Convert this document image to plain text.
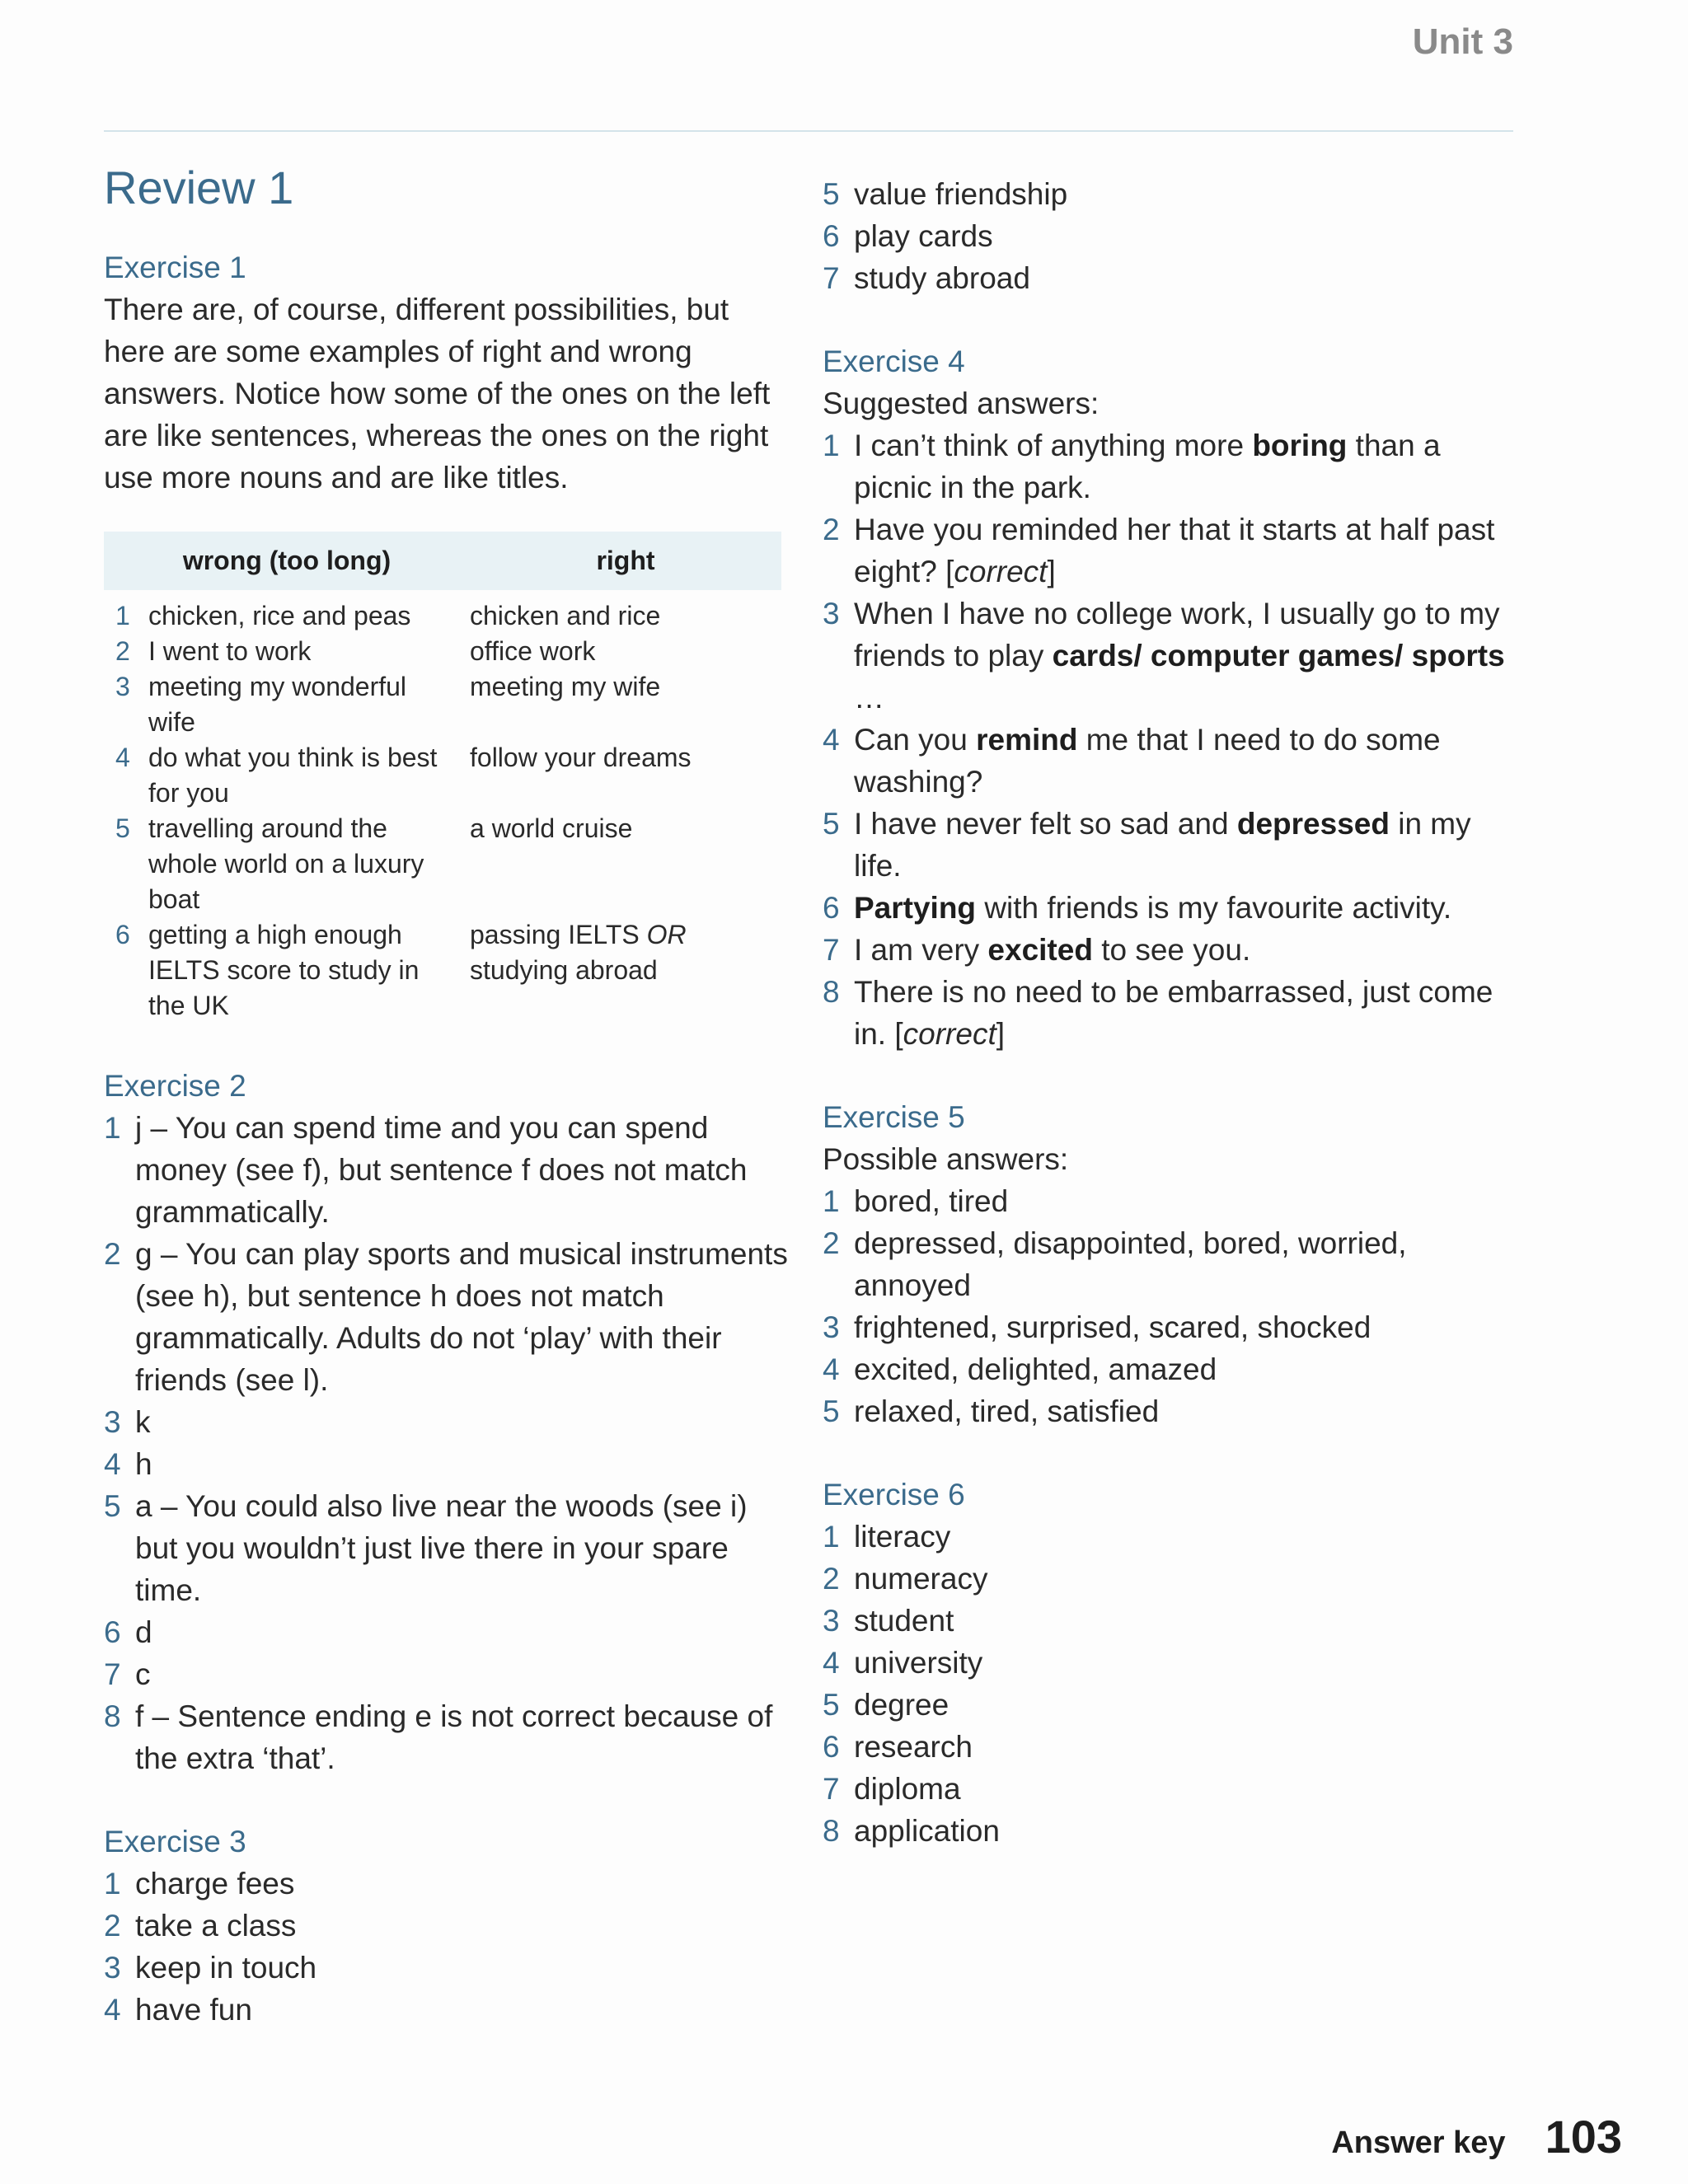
Unit 3
Review 1
Exercise 1

There are, of course, different possibilities, but here are some examples of right and wrong answers. Notice how some of the ones on the left are like sentences, whereas the ones on the right use more nouns and are like titles.

wrong (too long)		right
1	chicken, rice and peas	chicken and rice
2	I went to work	office work
3	meeting my wonderful wife	meeting my wife
4	do what you think is best for you	follow your dreams
5	travelling around the whole world on a luxury boat	a world cruise
6	getting a high enough IELTS score to study in the UK	passing IELTS OR studying abroad
Exercise 2
1 j – You can spend time and you can spend money (see f), but sentence f does not match grammatically.
2 g – You can play sports and musical instruments (see h), but sentence h does not match grammatically. Adults do not ‘play’ with their friends (see l).
3 k
4 h
5 a – You could also live near the woods (see i) but you wouldn’t just live there in your spare time.
6 d
7 c
8 f – Sentence ending e is not correct because of the extra ‘that’.
Exercise 3
1 charge fees
2 take a class
3 keep in touch
4 have fun
5 value friendship
6 play cards
7 study abroad
Exercise 4

Suggested answers:

1 I can’t think of anything more boring than a picnic in the park.
2 Have you reminded her that it starts at half past eight? [correct]
3 When I have no college work, I usually go to my friends to play cards/ computer games/ sports …
4 Can you remind me that I need to do some washing?
5 I have never felt so sad and depressed in my life.
6 Partying with friends is my favourite activity.
7 I am very excited to see you.
8 There is no need to be embarrassed, just come in. [correct]
Exercise 5

Possible answers:

1 bored, tired
2 depressed, disappointed, bored, worried, annoyed
3 frightened, surprised, scared, shocked
4 excited, delighted, amazed
5 relaxed, tired, satisfied
Exercise 6
1 literacy
2 numeracy
3 student
4 university
5 degree
6 research
7 diploma
8 application
Answer key 103
